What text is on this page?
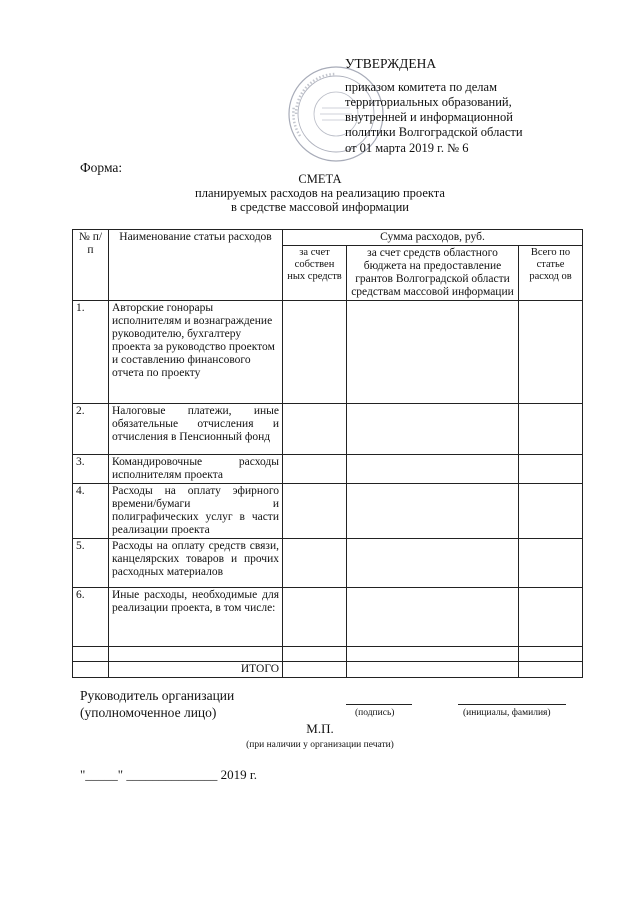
УТВЕРЖДЕНА
приказом комитета по делам
территориальных образований,
внутренней и информационной
политики Волгоградской области
от 01 марта 2019 г. № 6
Форма:
СМЕТА
планируемых расходов на реализацию проекта
в средстве массовой информации
№ п/п	Наименование статьи расходов	Сумма расходов, руб.		
		за счет собствен ных средств	за счет средств областного бюджета на предоставление грантов Волгоградской области средствам массовой информации	Всего по статье расход ов
1.	Авторские гонорары исполнителям и вознаграждение руководителю, бухгалтеру проекта за руководство проектом и составлению финансового отчета по проекту			
2.	Налоговые платежи, иные обязательные отчисления и отчисления в Пенсионный фонд			
3.	Командировочные расходы исполнителям проекта			
4.	Расходы на оплату эфирного времени/бумаги и полиграфических услуг в части реализации проекта			
5.	Расходы на оплату средств связи, канцелярских товаров и прочих расходных материалов			
6.	Иные расходы, необходимые для реализации проекта, в том числе:			

	ИТОГО			
Руководитель организации
(уполномоченное лицо)	(подпись)	(инициалы, фамилия)
М.П.
(при наличии у организации печати)
"_____" ______________ 2019 г.
